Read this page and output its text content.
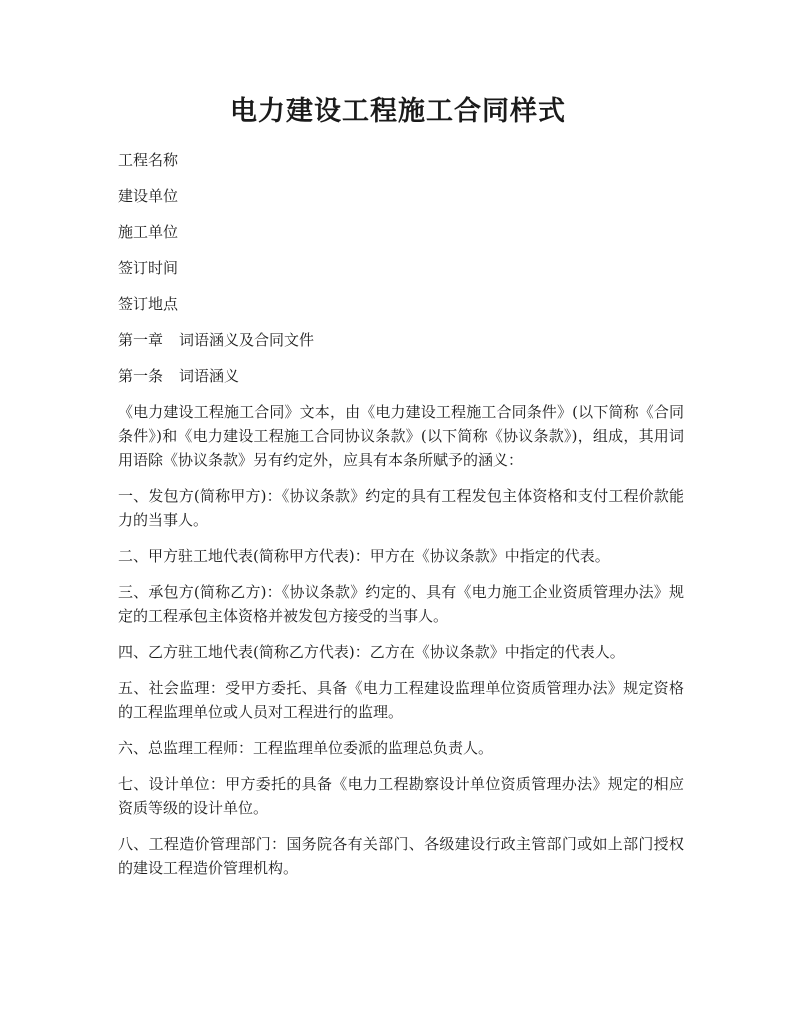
电力建设工程施工合同样式

工程名称

建设单位

施工单位

签订时间

签订地点

第一章 词语涵义及合同文件

第一条 词语涵义

《电力建设工程施工合同》文本，由《电力建设工程施工合同条件》(以下简称《合同条件》)和《电力建设工程施工合同协议条款》(以下简称《协议条款》)，组成，其用词用语除《协议条款》另有约定外，应具有本条所赋予的涵义：

一、发包方(简称甲方)：《协议条款》约定的具有工程发包主体资格和支付工程价款能力的当事人。

二、甲方驻工地代表(简称甲方代表)：甲方在《协议条款》中指定的代表。

三、承包方(简称乙方)：《协议条款》约定的、具有《电力施工企业资质管理办法》规定的工程承包主体资格并被发包方接受的当事人。

四、乙方驻工地代表(简称乙方代表)：乙方在《协议条款》中指定的代表人。

五、社会监理：受甲方委托、具备《电力工程建设监理单位资质管理办法》规定资格的工程监理单位或人员对工程进行的监理。

六、总监理工程师：工程监理单位委派的监理总负责人。

七、设计单位：甲方委托的具备《电力工程勘察设计单位资质管理办法》规定的相应资质等级的设计单位。

八、工程造价管理部门：国务院各有关部门、各级建设行政主管部门或如上部门授权的建设工程造价管理机构。
